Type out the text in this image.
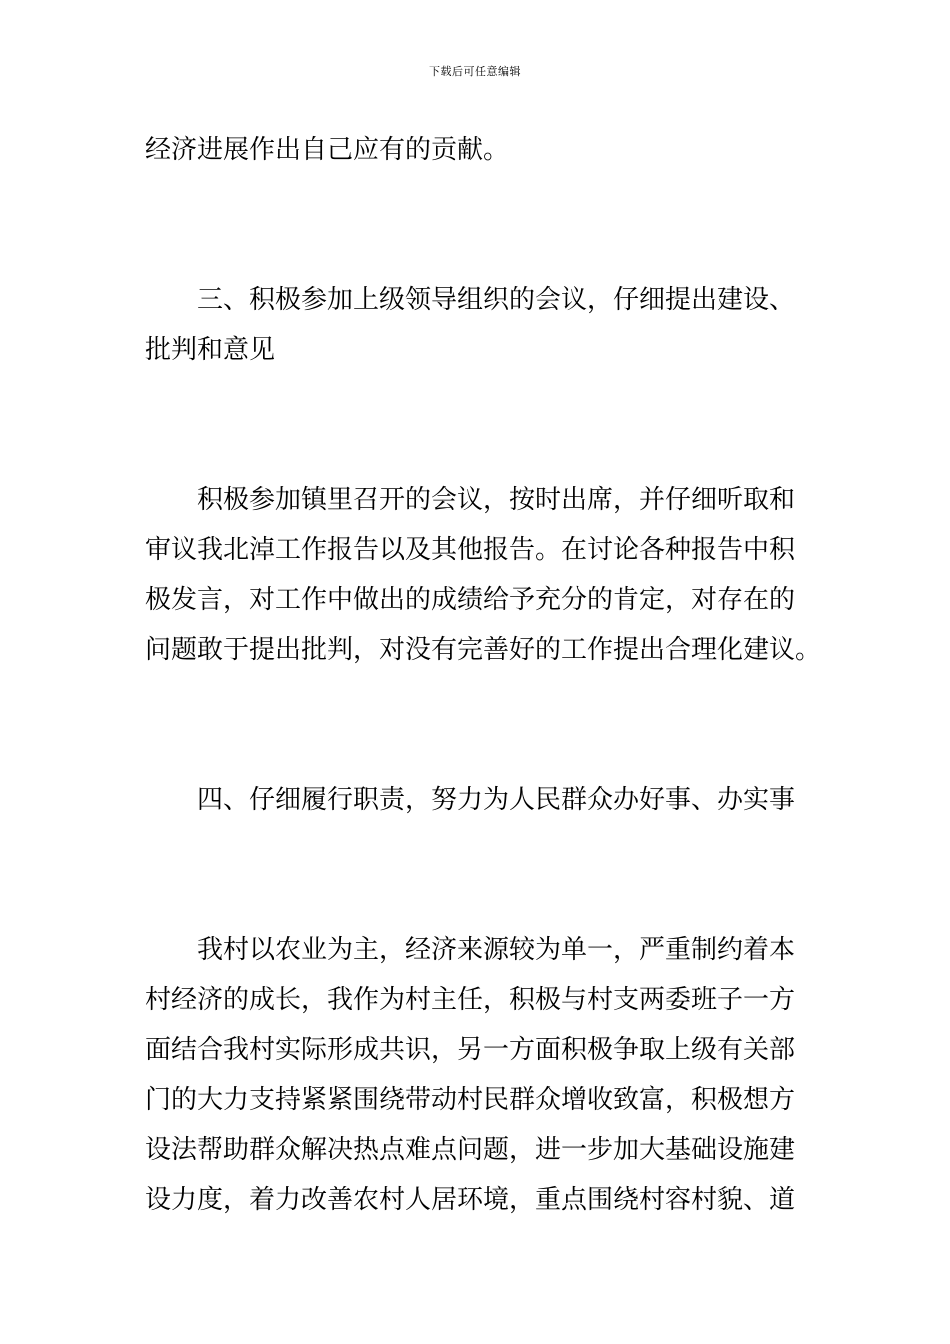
下载后可任意编辑

经济进展作出自己应有的贡献。

三、积极参加上级领导组织的会议，仔细提出建设、

批判和意见

积极参加镇里召开的会议，按时出席，并仔细听取和

审议我北淖工作报告以及其他报告。在讨论各种报告中积

极发言，对工作中做出的成绩给予充分的肯定，对存在的

问题敢于提出批判，对没有完善好的工作提出合理化建议。

四、仔细履行职责，努力为人民群众办好事、办实事

我村以农业为主，经济来源较为单一，严重制约着本

村经济的成长，我作为村主任，积极与村支两委班子一方

面结合我村实际形成共识，另一方面积极争取上级有关部

门的大力支持紧紧围绕带动村民群众增收致富，积极想方

设法帮助群众解决热点难点问题，进一步加大基础设施建

设力度，着力改善农村人居环境，重点围绕村容村貌、道
